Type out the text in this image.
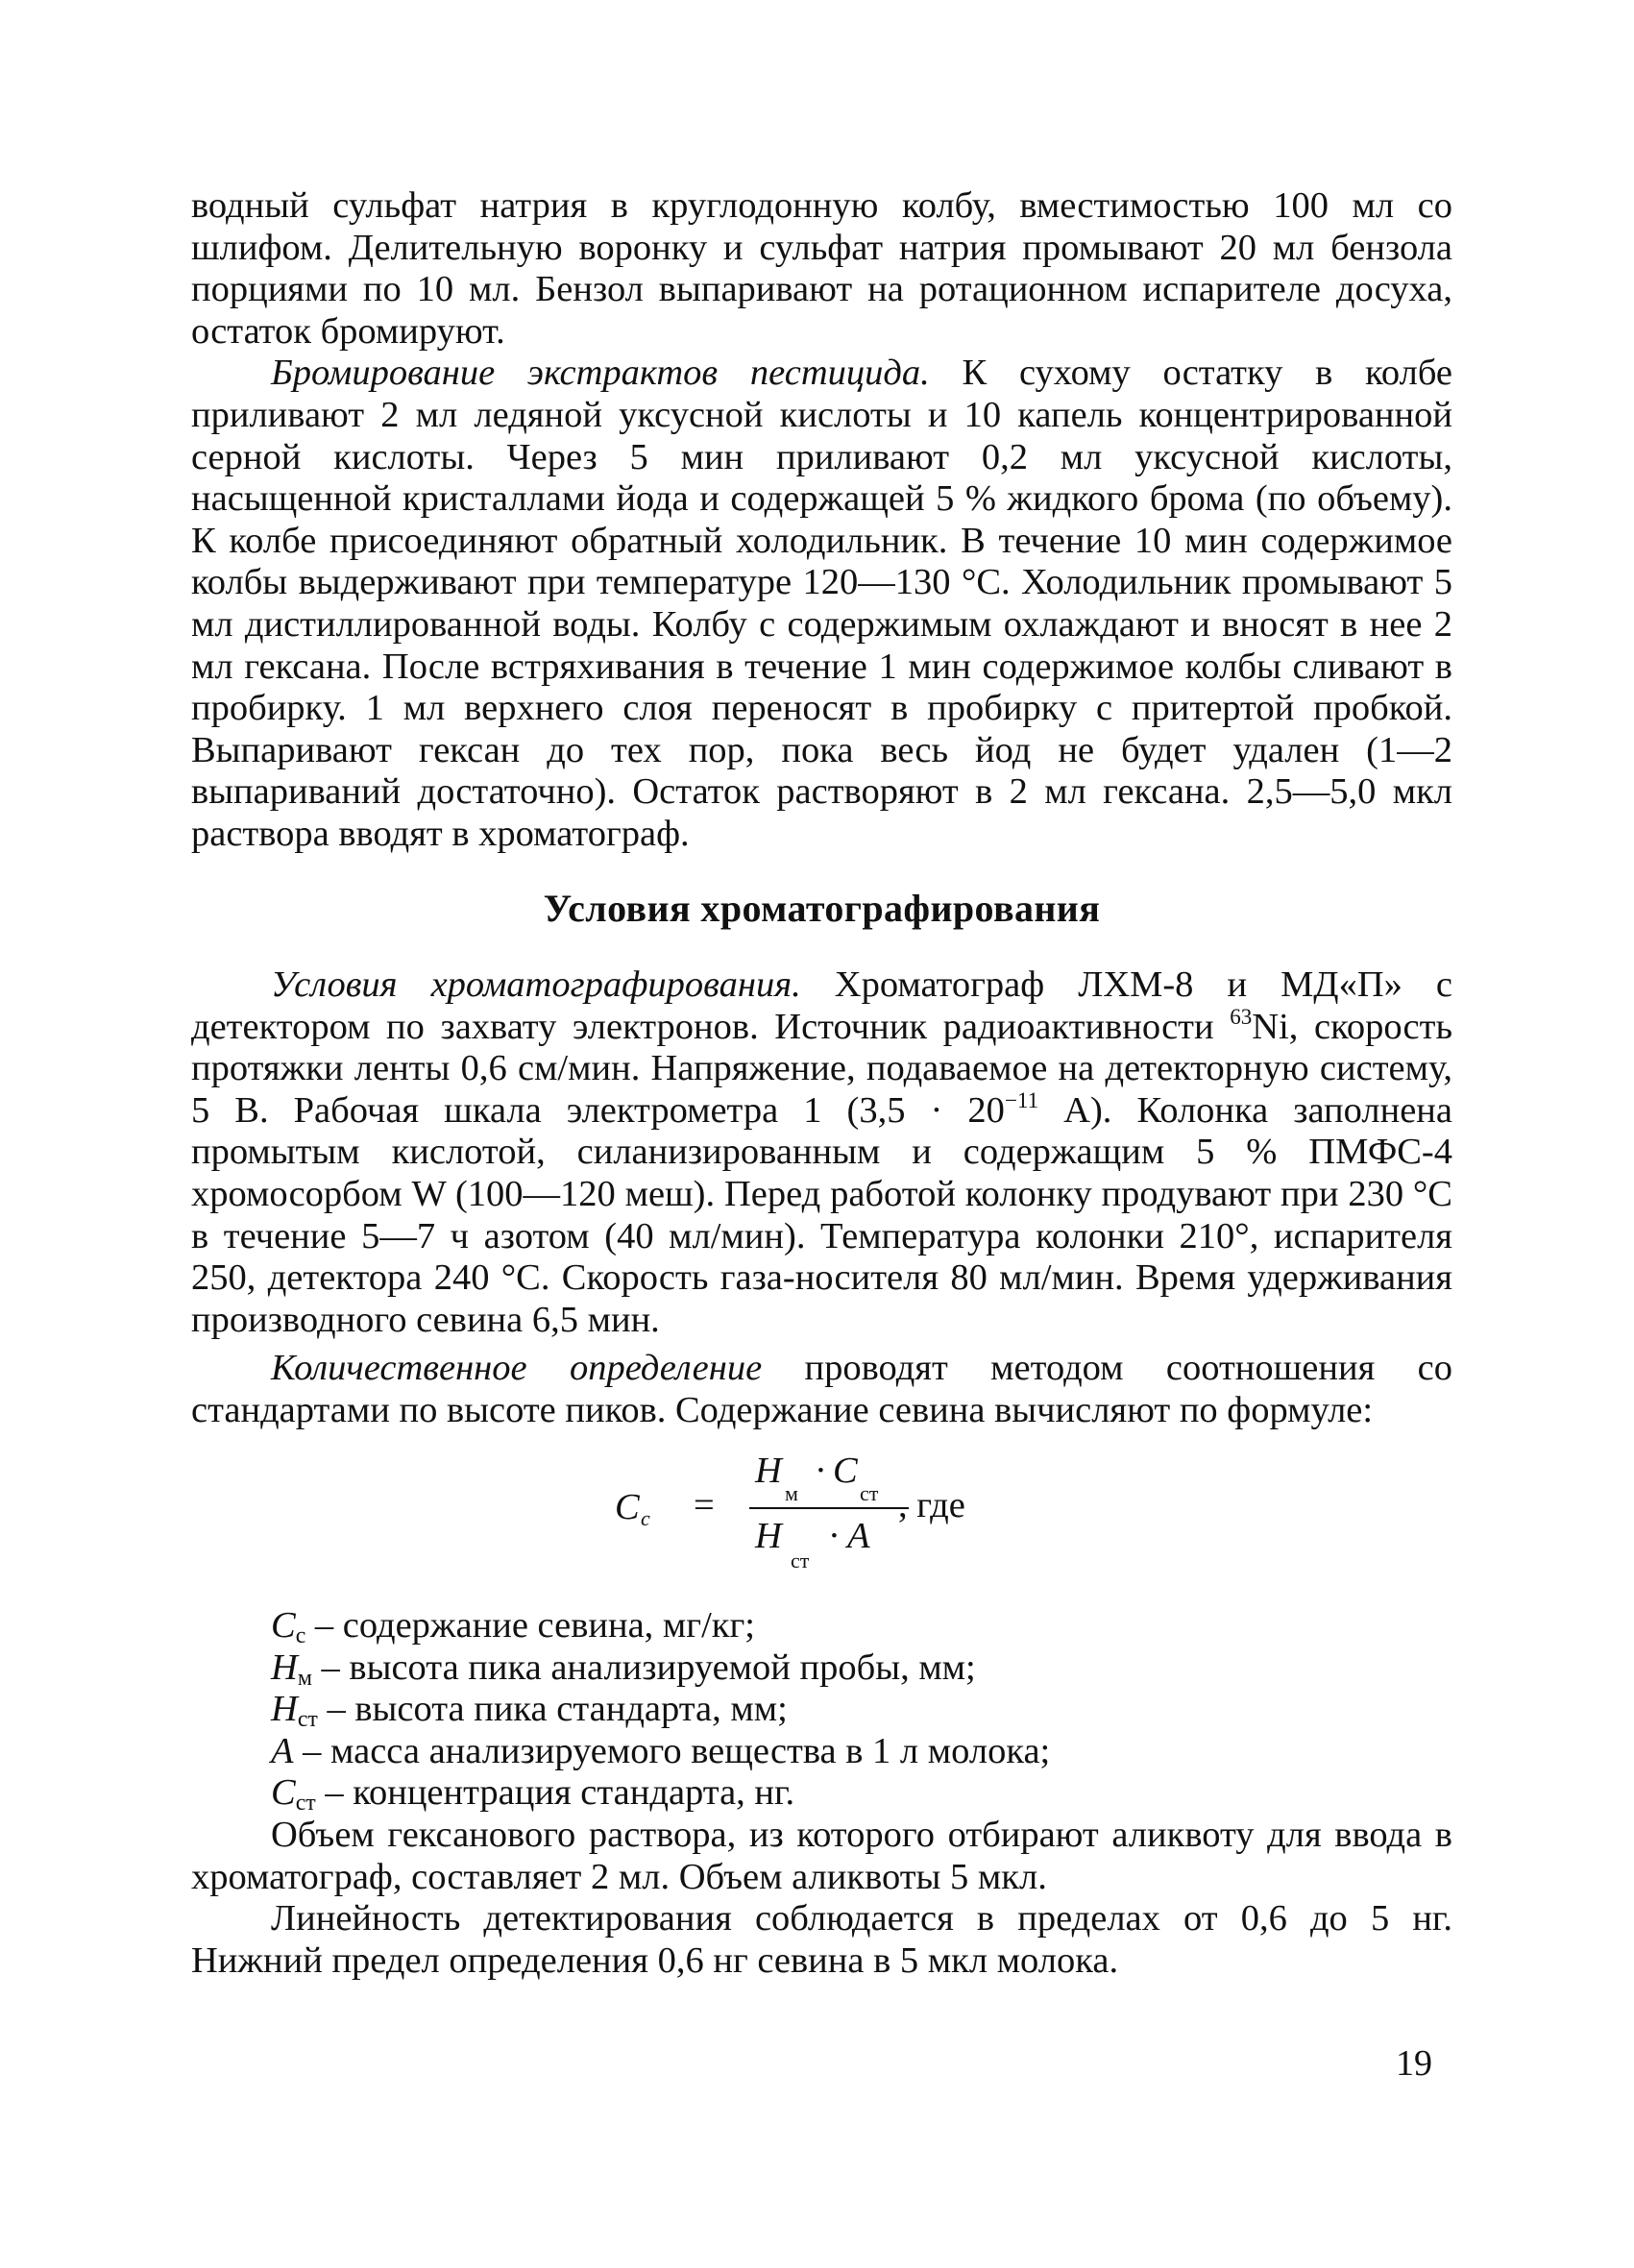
водный сульфат натрия в круглодонную колбу, вместимостью 100 мл со шлифом. Делительную воронку и сульфат натрия промывают 20 мл бензола порциями по 10 мл. Бензол выпаривают на ротационном испарителе досуха, остаток бромируют.

Бромирование экстрактов пестицида. К сухому остатку в колбе приливают 2 мл ледяной уксусной кислоты и 10 капель концентрированной серной кислоты. Через 5 мин приливают 0,2 мл уксусной кислоты, насыщенной кристаллами йода и содержащей 5 % жидкого брома (по объему). К колбе присоединяют обратный холодильник. В течение 10 мин содержимое колбы выдерживают при температуре 120—130 °С. Холодильник промывают 5 мл дистиллированной воды. Колбу с содержимым охлаждают и вносят в нее 2 мл гексана. После встряхивания в течение 1 мин содержимое колбы сливают в пробирку. 1 мл верхнего слоя переносят в пробирку с притертой пробкой. Выпаривают гексан до тех пор, пока весь йод не будет удален (1—2 выпариваний достаточно). Остаток растворяют в 2 мл гексана. 2,5—5,0 мкл раствора вводят в хроматограф.

Условия хроматографирования

Условия хроматографирования. Хроматограф ЛХМ-8 и МД«П» с детектором по захвату электронов. Источник радиоактивности $^{63}$Ni, скорость протяжки ленты 0,6 см/мин. Напряжение, подаваемое на детекторную систему, 5 В. Рабочая шкала электрометра 1 ($3,5 \cdot 20^{-11}$ А). Колонка заполнена промытым кислотой, силанизированным и содержащим 5 % ПМФС-4 хромосорбом W (100—120 меш). Перед работой колонку продувают при 230 °С в течение 5—7 ч азотом (40 мл/мин). Температура колонки 210°, испарителя 250, детектора 240 °С. Скорость газа-носителя 80 мл/мин. Время удерживания производного севина 6,5 мин.

Количественное определение проводят методом соотношения со стандартами по высоте пиков. Содержание севина вычисляют по формуле:

C c =
H
м
· C
ст
H
ст
· A
, где

$C_с$ – содержание севина, мг/кг;

$H_м$ – высота пика анализируемой пробы, мм;

$H_{ст}$ – высота пика стандарта, мм;

A – масса анализируемого вещества в 1 л молока;

$C_{ст}$ – концентрация стандарта, нг.

Объем гексанового раствора, из которого отбирают аликвоту для ввода в хроматограф, составляет 2 мл. Объем аликвоты 5 мкл.

Линейность детектирования соблюдается в пределах от 0,6 до 5 нг. Нижний предел определения 0,6 нг севина в 5 мкл молока.

19
